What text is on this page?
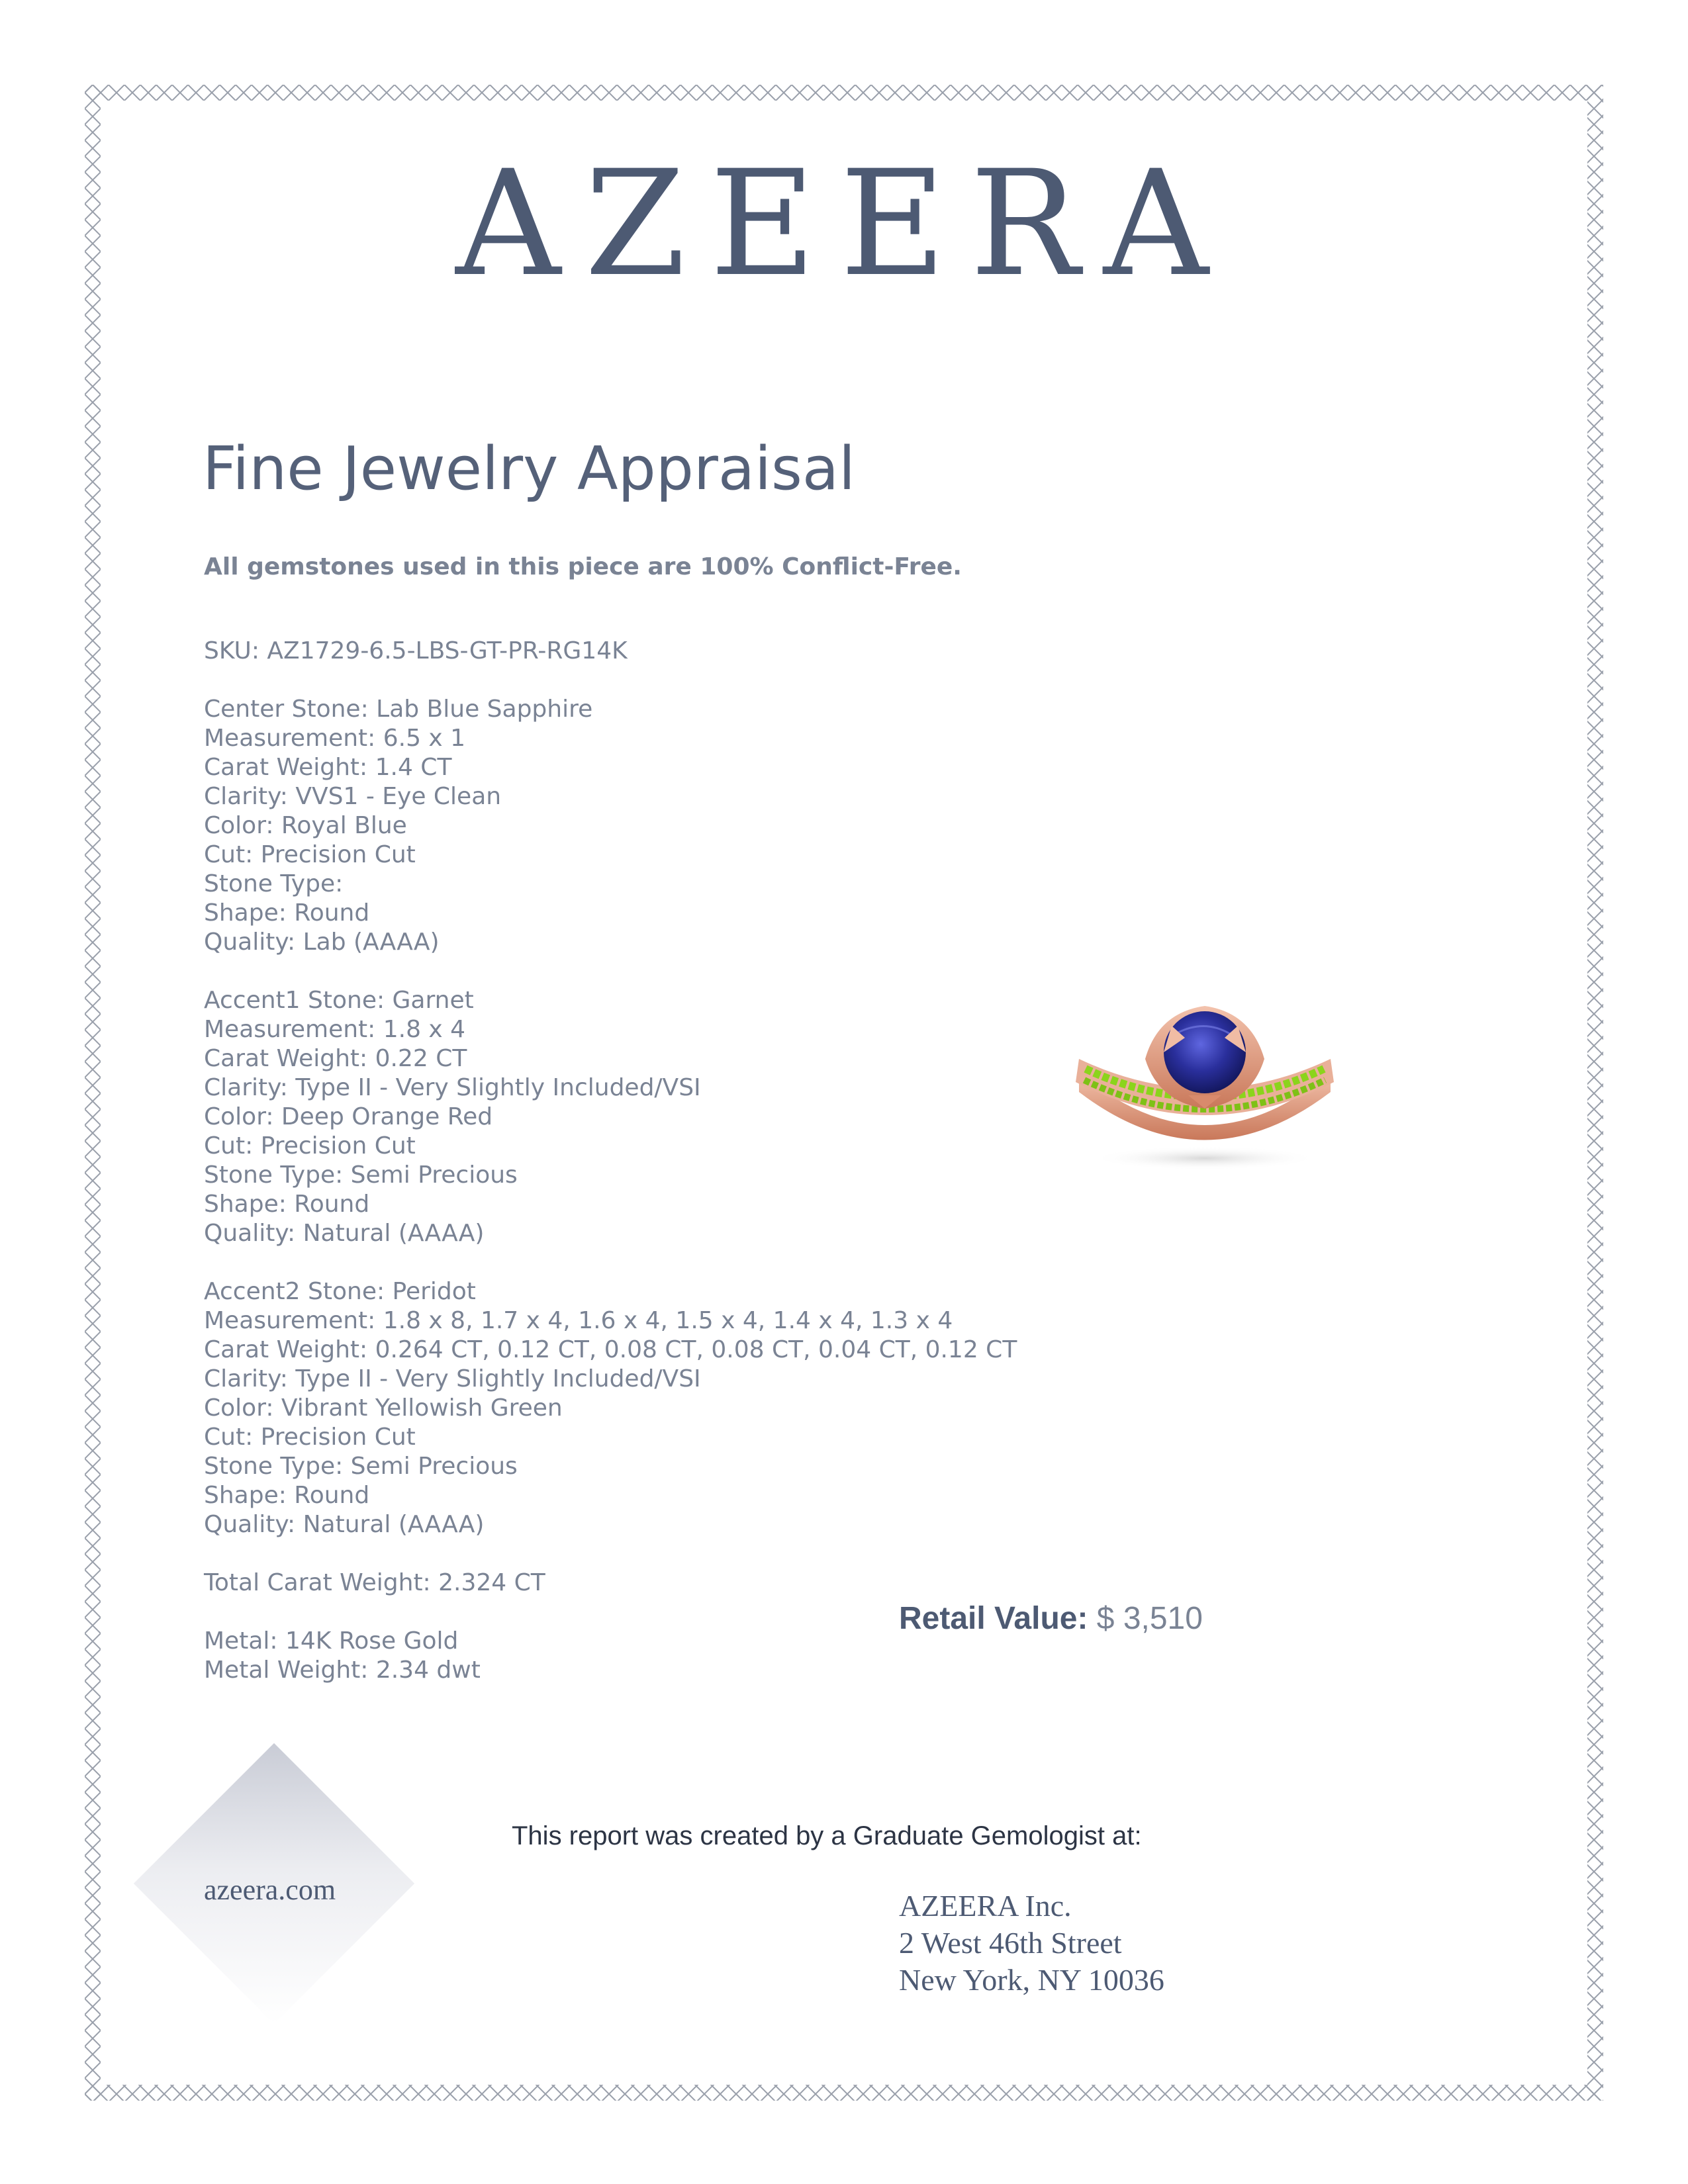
AZEERA
Fine Jewelry Appraisal
All gemstones used in this piece are 100% Conflict-Free.
SKU: AZ1729-6.5-LBS-GT-PR-RG14K
Center Stone: Lab Blue Sapphire
Measurement: 6.5 x 1
Carat Weight: 1.4 CT
Clarity: VVS1 - Eye Clean
Color: Royal Blue
Cut: Precision Cut
Stone Type:
Shape: Round
Quality: Lab (AAAA)
Accent1 Stone: Garnet
Measurement: 1.8 x 4
Carat Weight: 0.22 CT
Clarity: Type II - Very Slightly Included/VSI
Color: Deep Orange Red
Cut: Precision Cut
Stone Type: Semi Precious
Shape: Round
Quality: Natural (AAAA)
Accent2 Stone: Peridot
Measurement: 1.8 x 8, 1.7 x 4, 1.6 x 4, 1.5 x 4, 1.4 x 4, 1.3 x 4
Carat Weight: 0.264 CT, 0.12 CT, 0.08 CT, 0.08 CT, 0.04 CT, 0.12 CT
Clarity: Type II - Very Slightly Included/VSI
Color: Vibrant Yellowish Green
Cut: Precision Cut
Stone Type: Semi Precious
Shape: Round
Quality: Natural (AAAA)
Total Carat Weight: 2.324 CT
Metal: 14K Rose Gold
Metal Weight: 2.34 dwt
Retail Value: $ 3,510
azeera.com
This report was created by a Graduate Gemologist at:
AZEERA Inc.
2 West 46th Street
New York, NY 10036
